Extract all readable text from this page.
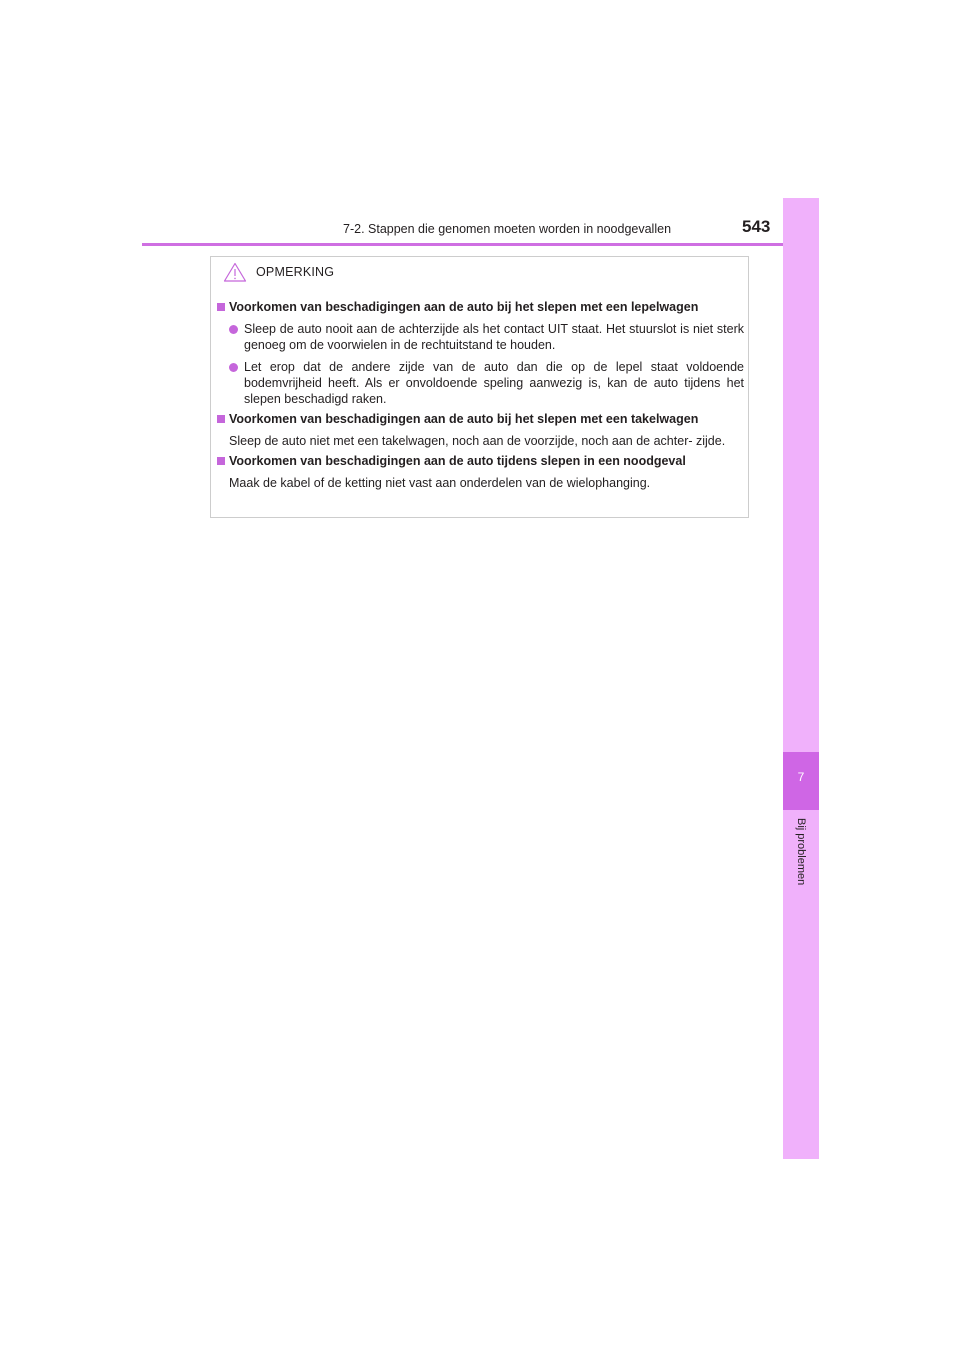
7-2. Stappen die genomen moeten worden in noodgevallen	543
7
Bij problemen
OPMERKING
Voorkomen van beschadigingen aan de auto bij het slepen met een lepelwagen
Sleep de auto nooit aan de achterzijde als het contact UIT staat. Het stuurslot is niet sterk genoeg om de voorwielen in de rechtuitstand te houden.
Let erop dat de andere zijde van de auto dan die op de lepel staat voldoende bodemvrijheid heeft. Als er onvoldoende speling aanwezig is, kan de auto tijdens het slepen beschadigd raken.
Voorkomen van beschadigingen aan de auto bij het slepen met een takelwagen
Sleep de auto niet met een takelwagen, noch aan de voorzijde, noch aan de achter- zijde.
Voorkomen van beschadigingen aan de auto tijdens slepen in een noodgeval
Maak de kabel of de ketting niet vast aan onderdelen van de wielophanging.
